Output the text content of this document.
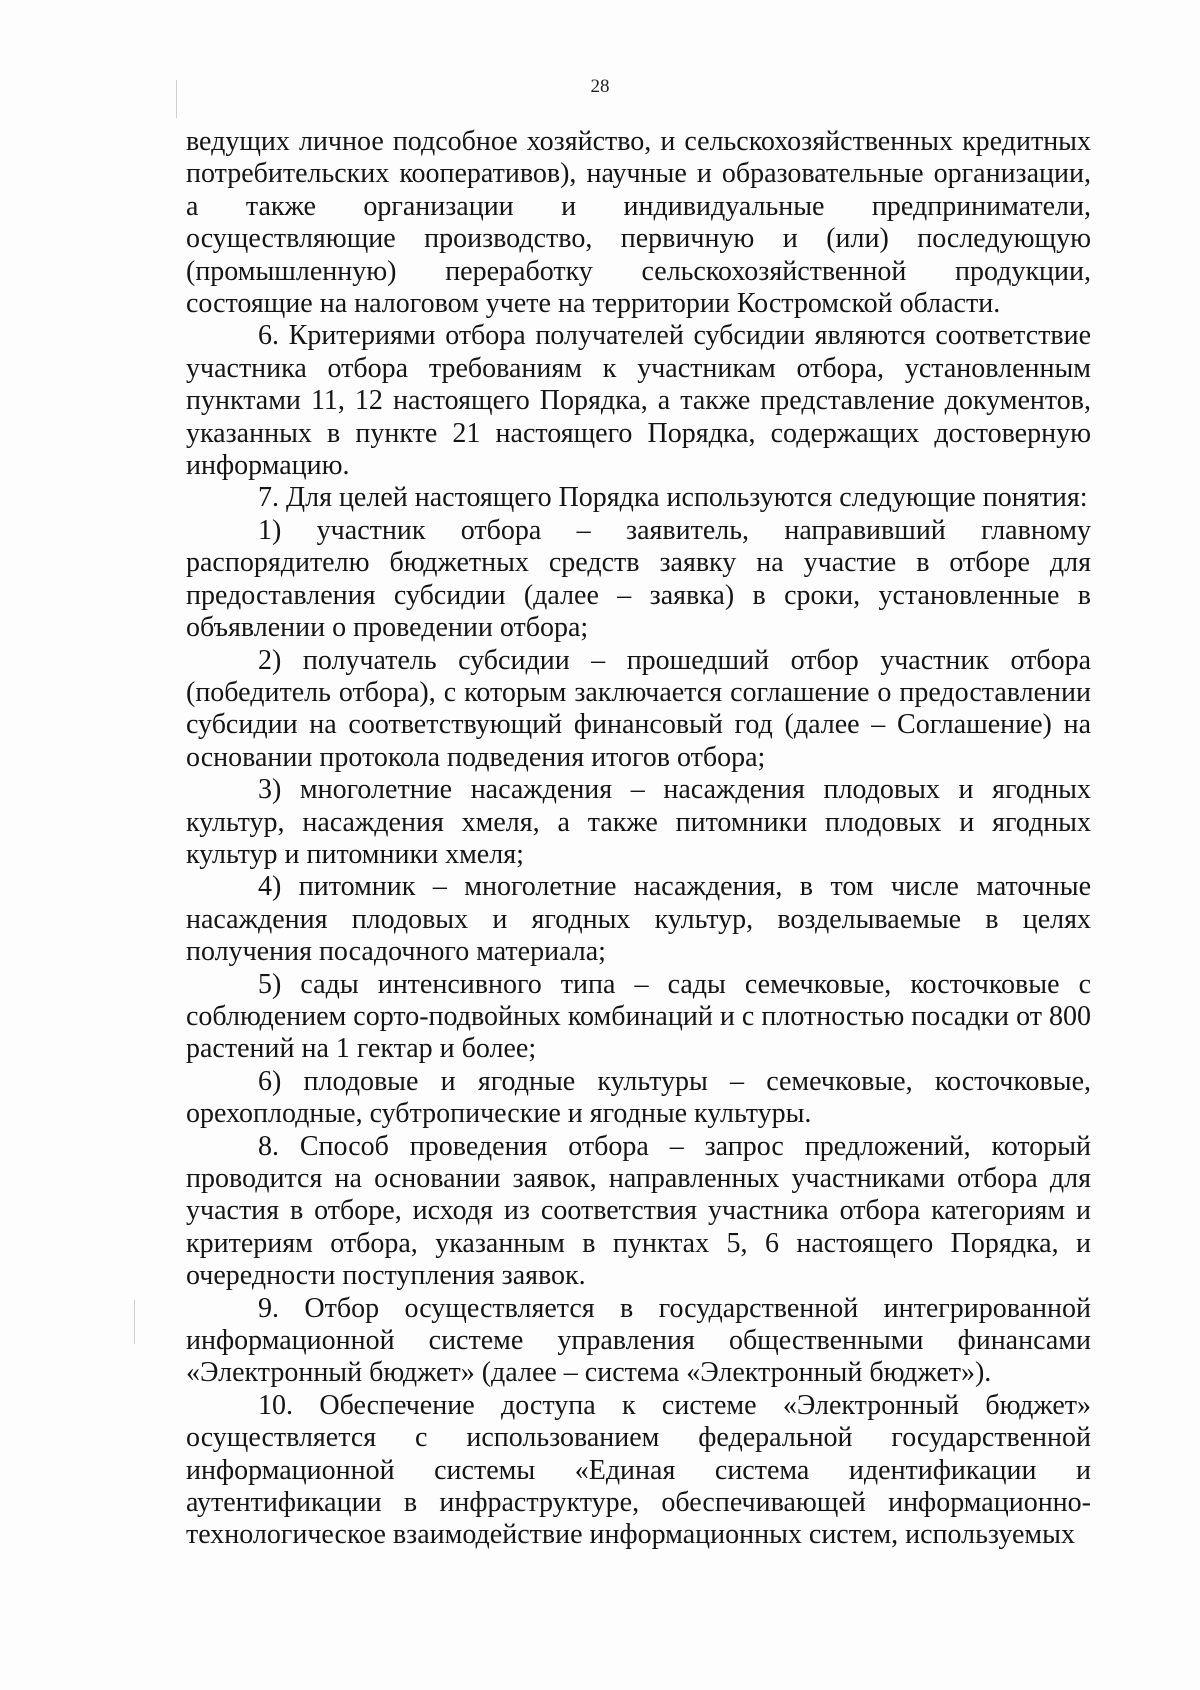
28

ведущих личное подсобное хозяйство, и сельскохозяйственных кредитных потребительских кооперативов), научные и образовательные организации, а также организации и индивидуальные предприниматели, осуществляющие производство, первичную и (или) последующую (промышленную) переработку сельскохозяйственной продукции, состоящие на налоговом учете на территории Костромской области.

6. Критериями отбора получателей субсидии являются соответствие участника отбора требованиям к участникам отбора, установленным пунктами 11, 12 настоящего Порядка, а также представление документов, указанных в пункте 21 настоящего Порядка, содержащих достоверную информацию.

7. Для целей настоящего Порядка используются следующие понятия:

1) участник отбора – заявитель, направивший главному распорядителю бюджетных средств заявку на участие в отборе для предоставления субсидии (далее – заявка) в сроки, установленные в объявлении о проведении отбора;

2) получатель субсидии – прошедший отбор участник отбора (победитель отбора), с которым заключается соглашение о предоставлении субсидии на соответствующий финансовый год (далее – Соглашение) на основании протокола подведения итогов отбора;

3) многолетние насаждения – насаждения плодовых и ягодных культур, насаждения хмеля, а также питомники плодовых и ягодных культур и питомники хмеля;

4) питомник – многолетние насаждения, в том числе маточные насаждения плодовых и ягодных культур, возделываемые в целях получения посадочного материала;

5) сады интенсивного типа – сады семечковые, косточковые с соблюдением сорто-подвойных комбинаций и с плотностью посадки от 800 растений на 1 гектар и более;

6) плодовые и ягодные культуры – семечковые, косточковые, орехоплодные, субтропические и ягодные культуры.

8. Способ проведения отбора – запрос предложений, который проводится на основании заявок, направленных участниками отбора для участия в отборе, исходя из соответствия участника отбора категориям и критериям отбора, указанным в пунктах 5, 6 настоящего Порядка, и очередности поступления заявок.

9. Отбор осуществляется в государственной интегрированной информационной системе управления общественными финансами «Электронный бюджет» (далее – система «Электронный бюджет»).

10. Обеспечение доступа к системе «Электронный бюджет» осуществляется с использованием федеральной государственной информационной системы «Единая система идентификации и аутентификации в инфраструктуре, обеспечивающей информационно-технологическое взаимодействие информационных систем, используемых
